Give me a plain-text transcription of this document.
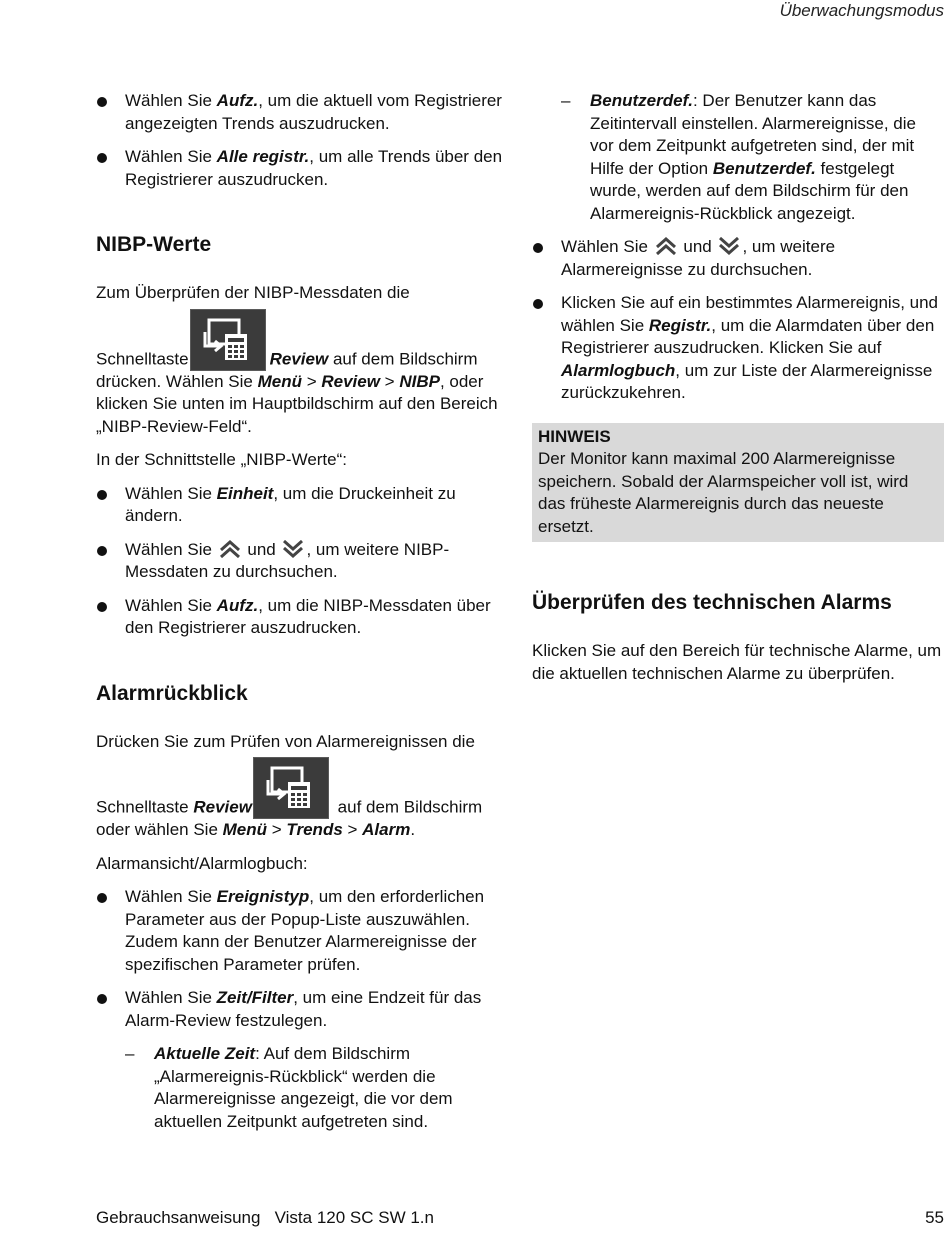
Überwachungsmodus
Wählen Sie Aufz., um die aktuell vom Registrierer angezeigten Trends auszudrucken.
Wählen Sie Alle registr., um alle Trends über den Registrierer auszudrucken.
NIBP-Werte

Zum Überprüfen der NIBP-Messdaten die
Schnelltaste	Review auf dem Bildschirm drücken. Wählen Sie Menü > Review > NIBP, oder klicken Sie unten im Hauptbildschirm auf den Bereich „NIBP-Review-Feld“.

In der Schnittstelle „NIBP-Werte“:

Wählen Sie Einheit, um die Druckeinheit zu ändern.
Wählen Sie  und , um weitere NIBP-Messdaten zu durchsuchen.
Wählen Sie Aufz., um die NIBP-Messdaten über den Registrierer auszudrucken.
Alarmrückblick

Drücken Sie zum Prüfen von Alarmereignissen die
Schnelltaste Review	auf dem Bildschirm oder wählen Sie Menü > Trends > Alarm.

Alarmansicht/Alarmlogbuch:

Wählen Sie Ereignistyp, um den erforderlichen Parameter aus der Popup-Liste auszuwählen. Zudem kann der Benutzer Alarmereignisse der spezifischen Parameter prüfen.
Wählen Sie Zeit/Filter, um eine Endzeit für das Alarm-Review festzulegen.
– Aktuelle Zeit: Auf dem Bildschirm „Alarmereignis-Rückblick“ werden die Alarmereignisse angezeigt, die vor dem aktuellen Zeitpunkt aufgetreten sind.
– Benutzerdef.: Der Benutzer kann das Zeitintervall einstellen. Alarmereignisse, die vor dem Zeitpunkt aufgetreten sind, der mit Hilfe der Option Benutzerdef. festgelegt wurde, werden auf dem Bildschirm für den Alarmereignis-Rückblick angezeigt.
Wählen Sie  und , um weitere Alarmereignisse zu durchsuchen.
Klicken Sie auf ein bestimmtes Alarmereignis, und wählen Sie Registr., um die Alarmdaten über den Registrierer auszudrucken. Klicken Sie auf Alarmlogbuch, um zur Liste der Alarmereignisse zurückzukehren.
HINWEIS
Der Monitor kann maximal 200 Alarmereignisse speichern. Sobald der Alarmspeicher voll ist, wird das früheste Alarmereignis durch das neueste ersetzt.
Überprüfen des technischen Alarms

Klicken Sie auf den Bereich für technische Alarme, um die aktuellen technischen Alarme zu überprüfen.

Gebrauchsanweisung   Vista 120 SC SW 1.n	55
